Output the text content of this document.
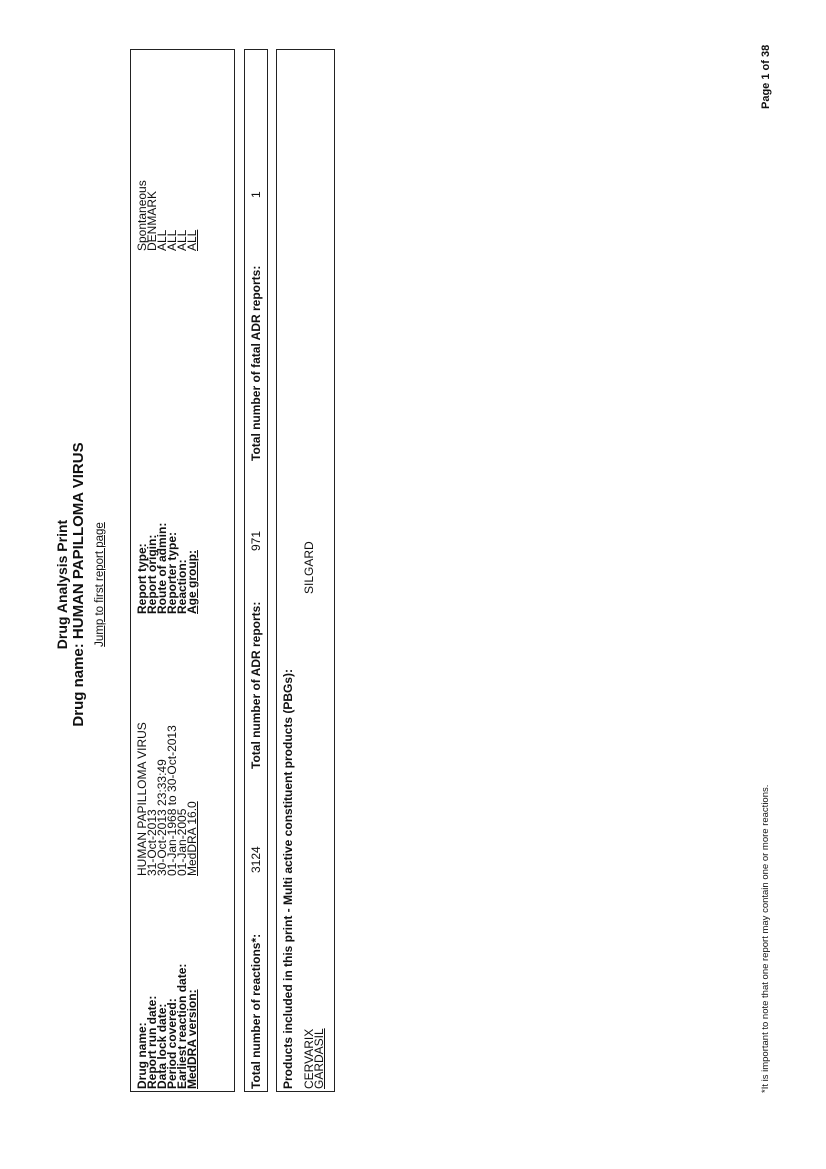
Drug Analysis Print Drug name: HUMAN PAPILLOMA VIRUS Jump to first report page
Drug name:
Report run date:
Data lock date:
Period covered:
Earliest reaction date:
MedDRA version:
HUMAN PAPILLOMA VIRUS
31-Oct-2013
30-Oct-2013 23:33:49
01-Jan-1968 to 30-Oct-2013
01-Jan-2005
MedDRA 16.0
Report type:
Report origin:
Route of admin:
Reporter type:
Reaction:
Age group:
Spontaneous
DENMARK
ALL
ALL
ALL
ALL
Total number of reactions*:
3124
Total number of ADR reports:
971
Total number of fatal ADR reports:
1
Products included in this print - Multi active constituent products (PBGs): CERVARIX
GARDASIL
SILGARD
*It is important to note that one report may contain one or more reactions.
Page 1 of 38
